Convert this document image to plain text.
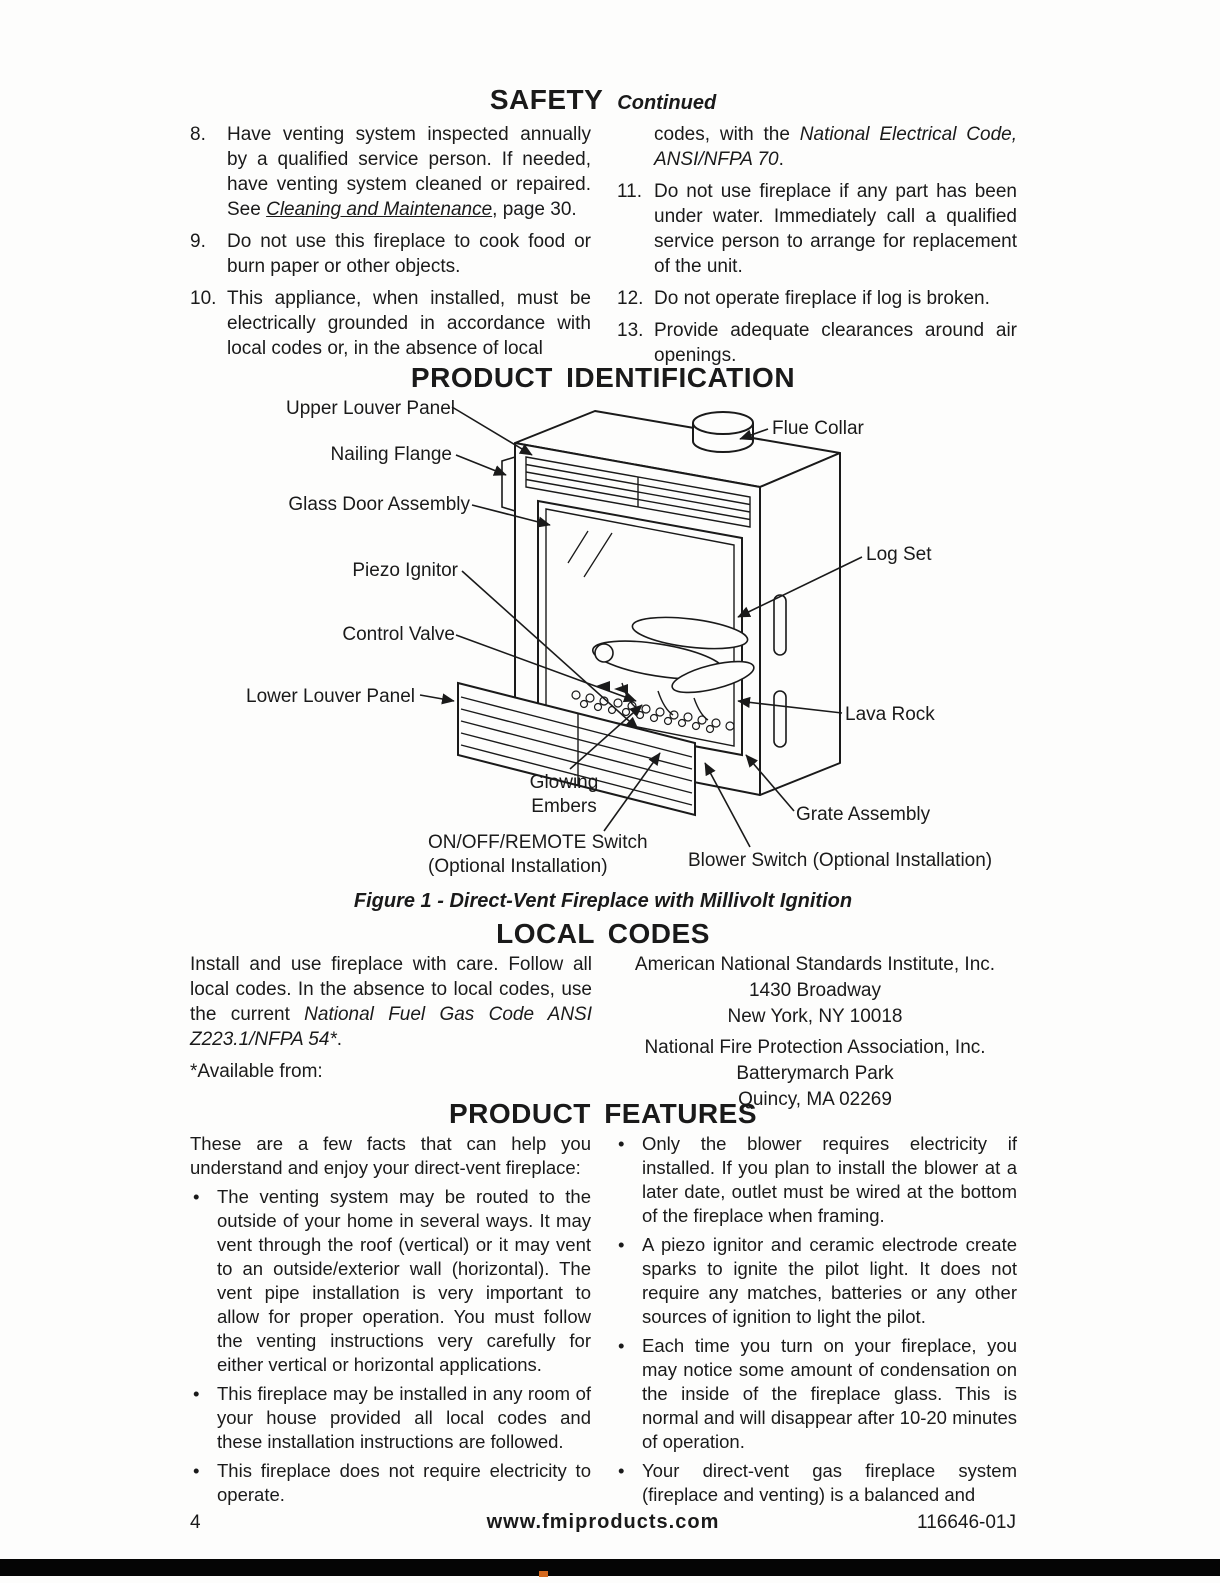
SAFETY Continued
8. Have venting system inspected annually by a qualified service person. If needed, have venting system cleaned or repaired. See Cleaning and Maintenance, page 30.
9. Do not use this fireplace to cook food or burn paper or other objects.
10. This appliance, when installed, must be electrically grounded in accordance with local codes or, in the absence of local
codes, with the National Electrical Code, ANSI/NFPA 70.
11. Do not use fireplace if any part has been under water. Immediately call a qualified service person to arrange for replacement of the unit.
12. Do not operate fireplace if log is broken.
13. Provide adequate clearances around air openings.
PRODUCT IDENTIFICATION
Upper Louver Panel
Flue Collar
Nailing Flange
Glass Door Assembly
Piezo Ignitor
Control Valve
Lower Louver Panel
Log Set
Lava Rock
Glowing Embers	Grate Assembly
ON/OFF/REMOTE Switch (Optional Installation)	Blower Switch (Optional Installation)
Figure 1 - Direct-Vent Fireplace with Millivolt Ignition
LOCAL CODES
Install and use fireplace with care. Follow all local codes. In the absence to local codes, use the current National Fuel Gas Code ANSI Z223.1/NFPA 54*.
*Available from:
American National Standards Institute, Inc.
1430 Broadway
New York, NY 10018
National Fire Protection Association, Inc.
Batterymarch Park
Quincy, MA 02269
PRODUCT FEATURES
These are a few facts that can help you understand and enjoy your direct-vent fireplace:
• The venting system may be routed to the outside of your home in several ways. It may vent through the roof (vertical) or it may vent to an outside/exterior wall (horizontal). The vent pipe installation is very important to allow for proper operation. You must follow the venting instructions very carefully for either vertical or horizontal applications.
• This fireplace may be installed in any room of your house provided all local codes and these installation instructions are followed.
• This fireplace does not require electricity to operate.
• Only the blower requires electricity if installed. If you plan to install the blower at a later date, outlet must be wired at the bottom of the fireplace when framing.
• A piezo ignitor and ceramic electrode create sparks to ignite the pilot light. It does not require any matches, batteries or any other sources of ignition to light the pilot.
• Each time you turn on your fireplace, you may notice some amount of condensation on the inside of the fireplace glass. This is normal and will disappear after 10-20 minutes of operation.
• Your direct-vent gas fireplace system (fireplace and venting) is a balanced and
4	www.fmiproducts.com	116646-01J
